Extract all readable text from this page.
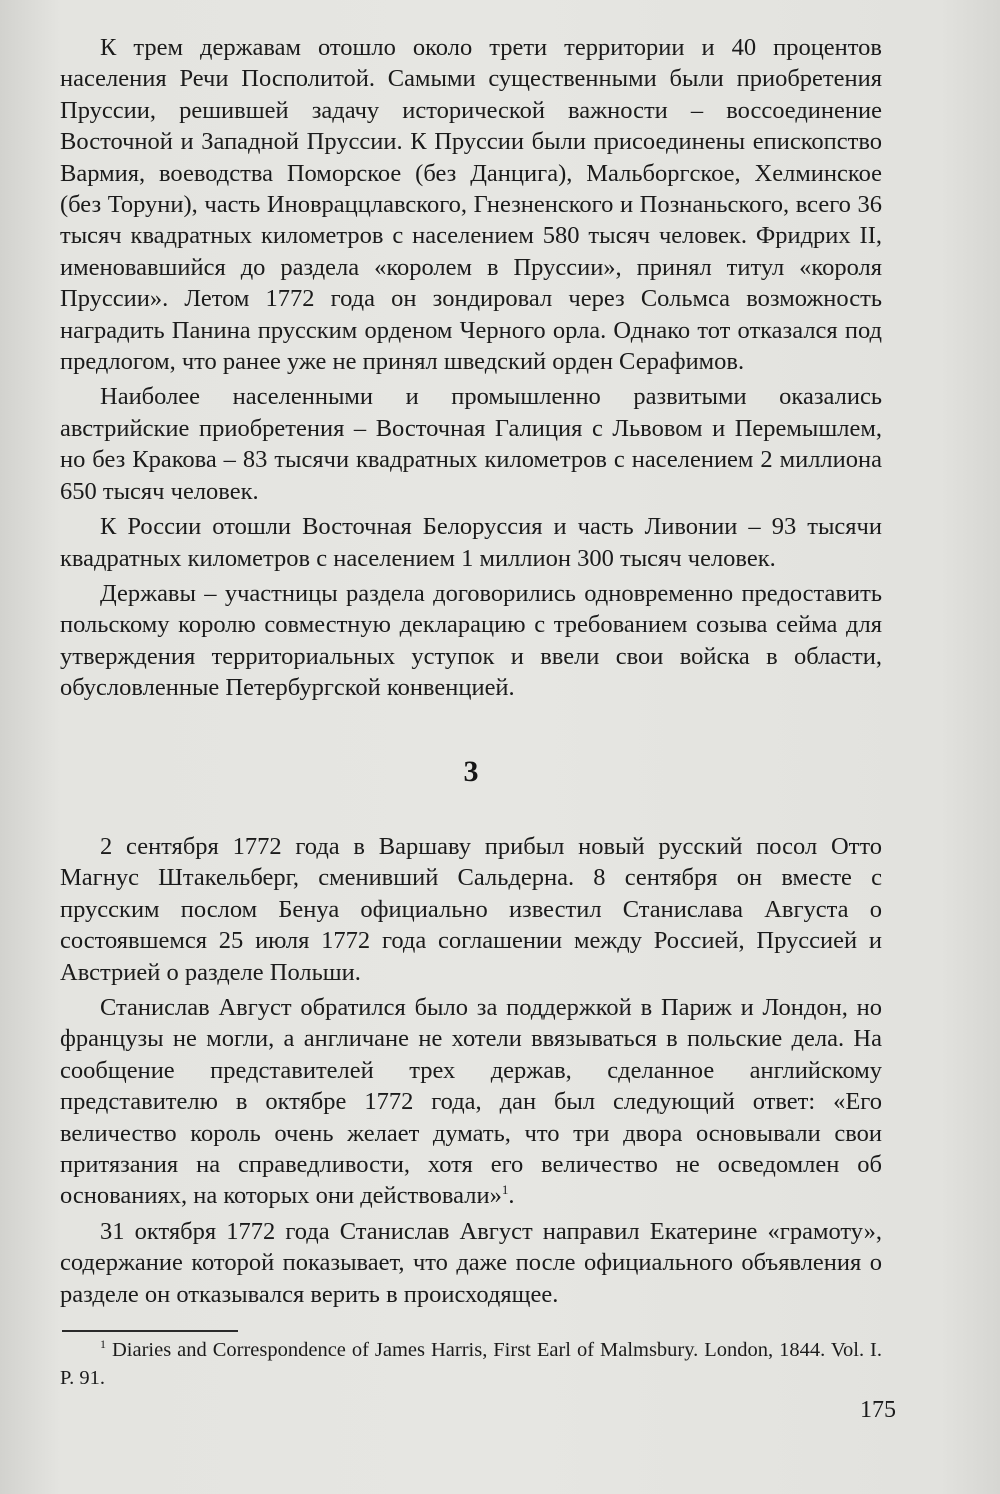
К трем державам отошло около трети территории и 40 процентов населения Речи Посполитой. Самыми существенными были приобретения Пруссии, решившей задачу исторической важности – воссоединение Восточной и Западной Пруссии. К Пруссии были присоединены епископство Вармия, воеводства Поморское (без Данцига), Мальборгское, Хелминское (без Торуни), часть Иновраццлавского, Гнезненского и Познаньского, всего 36 тысяч квадратных километров с населением 580 тысяч человек. Фридрих II, именовавшийся до раздела «королем в Пруссии», принял титул «короля Пруссии». Летом 1772 года он зондировал через Сольмса возможность наградить Панина прусским орденом Черного орла. Однако тот отказался под предлогом, что ранее уже не принял шведский орден Серафимов.

Наиболее населенными и промышленно развитыми оказались австрийские приобретения – Восточная Галиция с Львовом и Перемышлем, но без Кракова – 83 тысячи квадратных километров с населением 2 миллиона 650 тысяч человек.

К России отошли Восточная Белоруссия и часть Ливонии – 93 тысячи квадратных километров с населением 1 миллион 300 тысяч человек.

Державы – участницы раздела договорились одновременно предоставить польскому королю совместную декларацию с требованием созыва сейма для утверждения территориальных уступок и ввели свои войска в области, обусловленные Петербургской конвенцией.

3

2 сентября 1772 года в Варшаву прибыл новый русский посол Отто Магнус Штакельберг, сменивший Сальдерна. 8 сентября он вместе с прусским послом Бенуа официально известил Станислава Августа о состоявшемся 25 июля 1772 года соглашении между Россией, Пруссией и Австрией о разделе Польши.

Станислав Август обратился было за поддержкой в Париж и Лондон, но французы не могли, а англичане не хотели ввязываться в польские дела. На сообщение представителей трех держав, сделанное английскому представителю в октябре 1772 года, дан был следующий ответ: «Его величество король очень желает думать, что три двора основывали свои притязания на справедливости, хотя его величество не осведомлен об основаниях, на которых они действовали»$^1$.

31 октября 1772 года Станислав Август направил Екатерине «грамоту», содержание которой показывает, что даже после официального объявления о разделе он отказывался верить в происходящее.

$^1$ Diaries and Correspondence of James Harris, First Earl of Malmsbury. London, 1844. Vol. I. P. 91.
175
